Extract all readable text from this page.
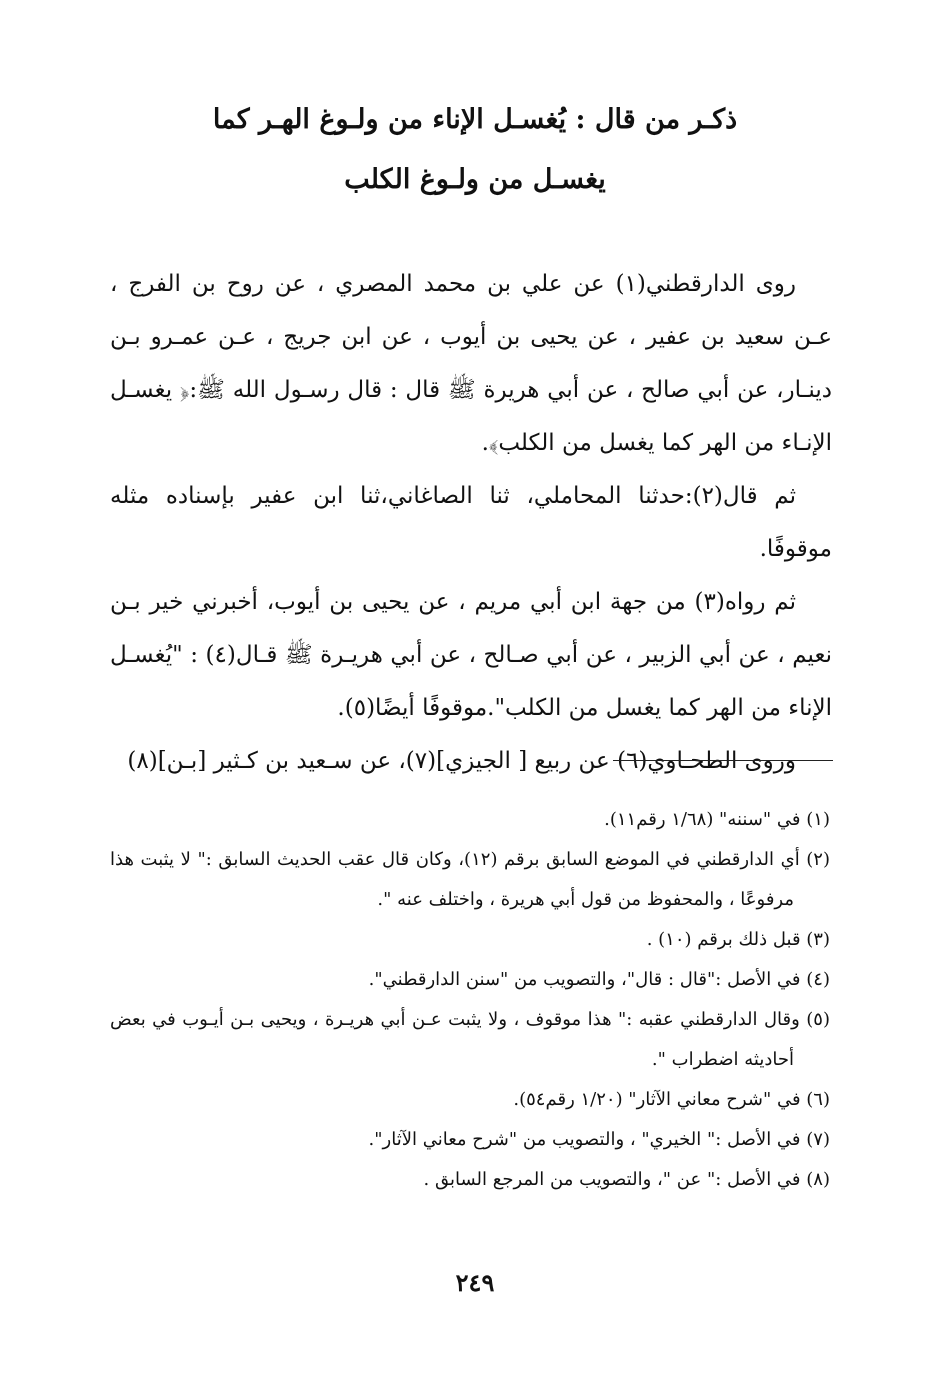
ذكـر من قال : يُغسـل الإناء من ولـوغ الهـر كما
يغسـل من ولـوغ الكلب

روى الدارقطني(١) عن علي بن محمد المصري ، عن روح بن الفرج ، عـن سعيد بن عفير ، عن يحيى بن أيوب ، عن ابن جريج ، عـن عمـرو بـن دينـار، عن أبي صالح ، عن أبي هريرة ﷺ قال : قال رسـول الله ﷺ:﴿ يغسـل الإنـاء من الهر كما يغسل من الكلب﴾.

ثم قال(٢):حدثنا المحاملي، ثنا الصاغاني،ثنا ابن عفير بإسناده مثله موقوفًا.

ثم رواه(٣) من جهة ابن أبي مريم ، عن يحيى بن أيوب، أخبرني خير بـن نعيم ، عن أبي الزبير ، عن أبي صـالح ، عن أبي هريـرة ﷺ قـال(٤) : "يُغسـل الإناء من الهر كما يغسل من الكلب".موقوفًا أيضًا(٥).

وروى الطحـاوي(٦) عن ربيع [ الجيزي](٧)، عن سـعيد بن كـثير [بـن](٨)

(١) في "سننه" (١/٦٨ رقم١١).

(٢) أي الدارقطني في الموضع السابق برقم (١٢)، وكان قال عقب الحديث السابق :" لا يثبت هذا مرفوعًا ، والمحفوظ من قول أبي هريرة ، واختلف عنه ".

(٣) قبل ذلك برقم (١٠) .

(٤) في الأصل :"قال : قال"، والتصويب من "سنن الدارقطني".

(٥) وقال الدارقطني عقبه :" هذا موقوف ، ولا يثبت عـن أبي هريـرة ، ويحيى بـن أيـوب في بعض أحاديثه اضطراب ".

(٦) في "شرح معاني الآثار" (١/٢٠ رقم٥٤).

(٧) في الأصل :" الخيري" ، والتصويب من "شرح معاني الآثار".

(٨) في الأصل :" عن "، والتصويب من المرجع السابق .

٢٤٩
